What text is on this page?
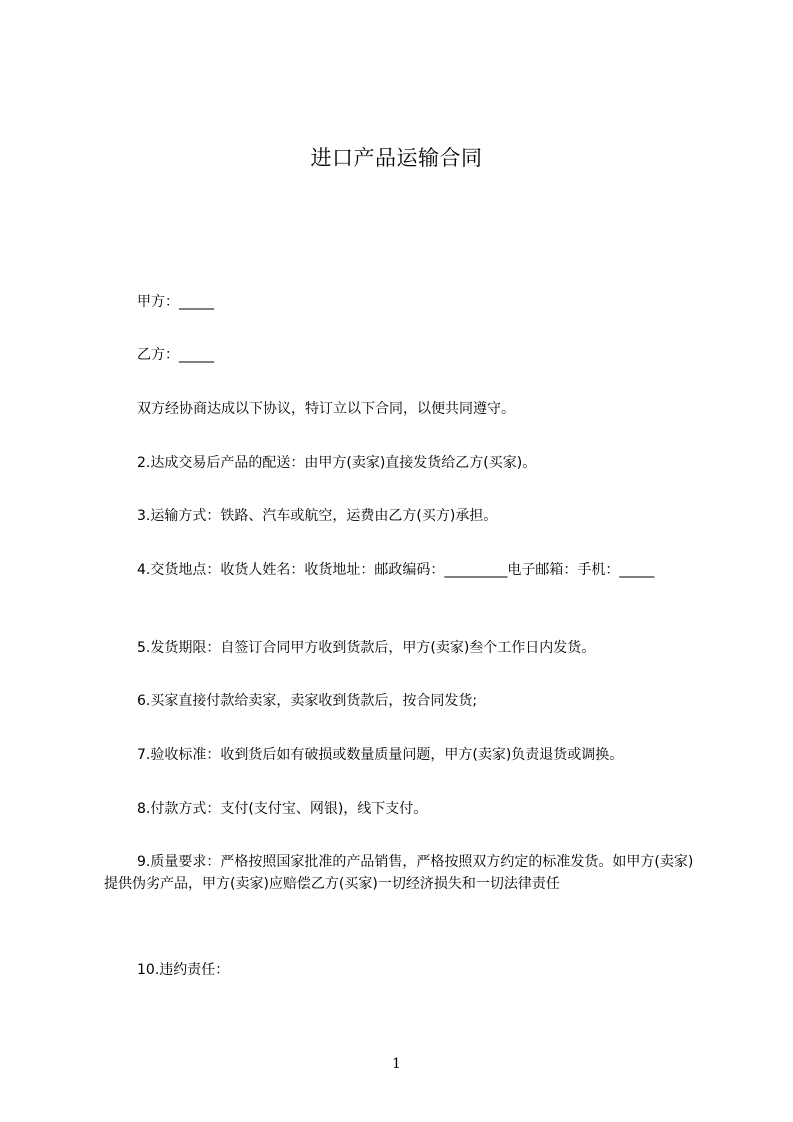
进口产品运输合同
甲方：_____
乙方：_____
双方经协商达成以下协议，特订立以下合同，以便共同遵守。
2.达成交易后产品的配送：由甲方(卖家)直接发货给乙方(买家)。
3.运输方式：铁路、汽车或航空，运费由乙方(买方)承担。
4.交货地点：收货人姓名：收货地址：邮政编码：_________电子邮箱：手机：_____
5.发货期限：自签订合同甲方收到货款后，甲方(卖家)叁个工作日内发货。
6.买家直接付款给卖家，卖家收到货款后，按合同发货;
7.验收标准：收到货后如有破损或数量质量问题，甲方(卖家)负责退货或调换。
8.付款方式：支付(支付宝、网银)，线下支付。
9.质量要求：严格按照国家批准的产品销售，严格按照双方约定的标准发货。如甲方(卖家)提供伪劣产品，甲方(卖家)应赔偿乙方(买家)一切经济损失和一切法律责任
10.违约责任：
1
